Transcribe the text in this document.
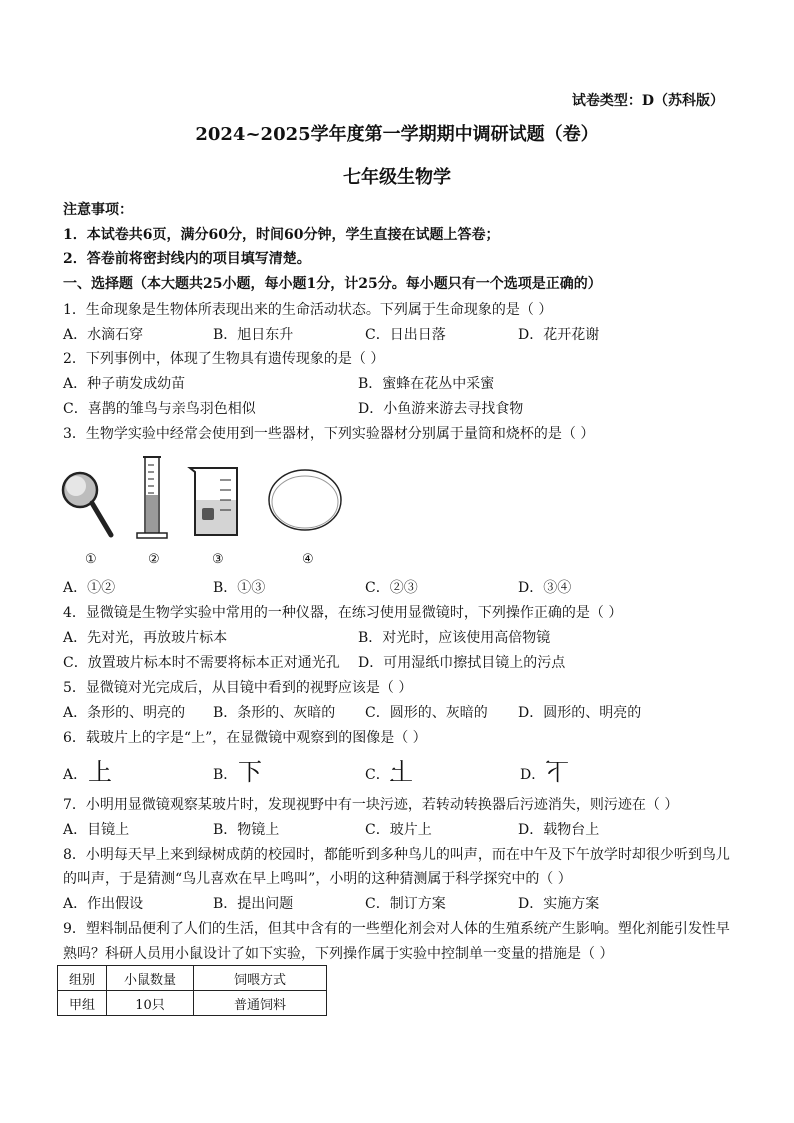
试卷类型：D（苏科版）
2024~2025学年度第一学期期中调研试题（卷）
七年级生物学
注意事项：
1．本试卷共6页，满分60分，时间60分钟，学生直接在试题上答卷；
2．答卷前将密封线内的项目填写清楚。
一、选择题（本大题共25小题，每小题1分，计25分。每小题只有一个选项是正确的）
1．生命现象是生物体所表现出来的生命活动状态。下列属于生命现象的是（ ）
A．水滴石穿	B．旭日东升	C．日出日落	D．花开花谢
2．下列事例中，体现了生物具有遗传现象的是（ ）
A．种子萌发成幼苗	B．蜜蜂在花丛中采蜜
C．喜鹊的雏鸟与亲鸟羽色相似	D．小鱼游来游去寻找食物
3．生物学实验中经常会使用到一些器材，下列实验器材分别属于量筒和烧杯的是（ ）
①	②	③	④
A．①②	B．①③	C．②③	D．③④
4．显微镜是生物学实验中常用的一种仪器，在练习使用显微镜时，下列操作正确的是（ ）
A．先对光，再放玻片标本	B．对光时，应该使用高倍物镜
C．放置玻片标本时不需要将标本正对通光孔 D．可用湿纸巾擦拭目镜上的污点
5．显微镜对光完成后，从目镜中看到的视野应该是（ ）
A．条形的、明亮的 B．条形的、灰暗的 C．圆形的、灰暗的 D．圆形的、明亮的
6．载玻片上的字是“上”，在显微镜中观察到的图像是（ ）
A． 上	B． 下	C． 上	D． 下
7．小明用显微镜观察某玻片时，发现视野中有一块污迹，若转动转换器后污迹消失，则污迹在（ ）
A．目镜上	B．物镜上	C．玻片上	D．载物台上
8．小明每天早上来到绿树成荫的校园时，都能听到多种鸟儿的叫声，而在中午及下午放学时却很少听到鸟儿
的叫声，于是猜测“鸟儿喜欢在早上鸣叫”，小明的这种猜测属于科学探究中的（ ）
A．作出假设	B．提出问题	C．制订方案	D．实施方案
9．塑料制品便利了人们的生活，但其中含有的一些塑化剂会对人体的生殖系统产生影响。塑化剂能引发性早
熟吗？科研人员用小鼠设计了如下实验，下列操作属于实验中控制单一变量的措施是（ ）
组别	小鼠数量	饲喂方式
甲组	10只	普通饲料
